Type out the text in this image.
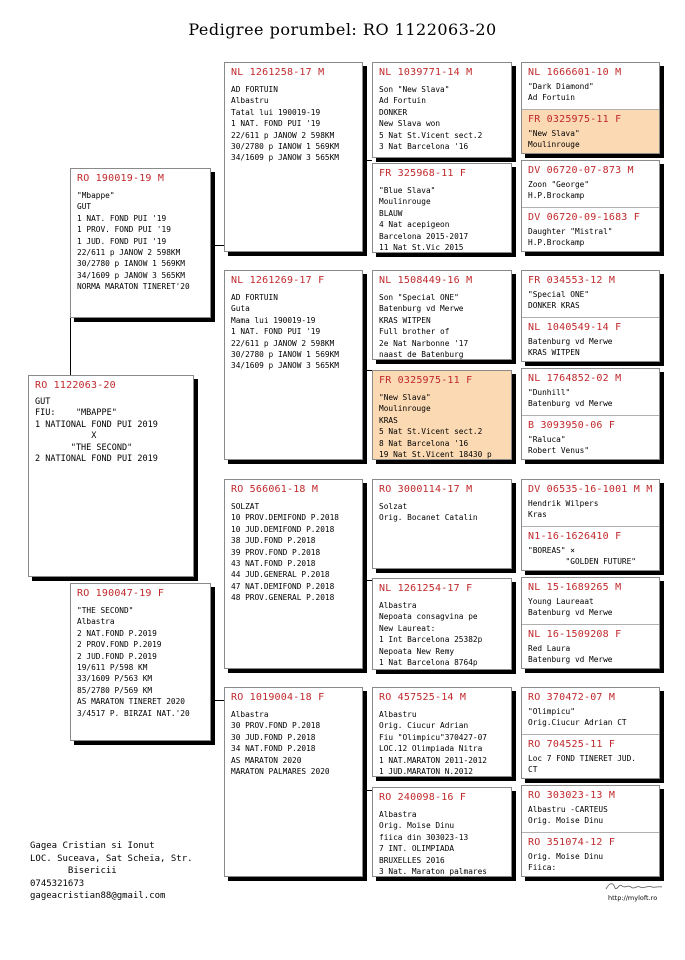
Pedigree porumbel: RO 1122063-20
RO 1122063-20
GUT
FIU:    "MBAPPE"
1 NATIONAL FOND PUI 2019
X
"THE SECOND"
2 NATIONAL FOND PUI 2019
RO 190019-19 M
"Mbappe"
GUT
1 NAT. FOND PUI '19
1 PROV. FOND PUI '19
1 JUD. FOND PUI '19
22/611 p JANOW 2 598KM
30/2780 p IANOW 1 569KM
34/1609 p JANOW 3 565KM
NORMA MARATON TINERET'20
RO 190047-19 F
"THE SECOND"
Albastra
2 NAT.FOND P.2019
2 PROV.FOND P.2019
2 JUD.FOND P.2019
19/611 P/598 KM
33/1609 P/563 KM
85/2780 P/569 KM
AS MARATON TINERET 2020
3/4517 P. BIRZAI NAT.'20
NL 1261258-17 M
AD FORTUIN
Albastru
Tatal lui 190019-19
1 NAT. FOND PUI '19
22/611 p JANOW 2 598KM
30/2780 p IANOW 1 569KM
34/1609 p JANOW 3 565KM
NL 1261269-17 F
AD FORTUIN
Guta
Mama lui 190019-19
1 NAT. FOND PUI '19
22/611 p JANOW 2 598KM
30/2780 p IANOW 1 569KM
34/1609 p JANOW 3 565KM
RO 566061-18 M
SOLZAT
10 PROV.DEMIFOND P.2018
10 JUD.DEMIFOND P.2018
38 JUD.FOND P.2018
39 PROV.FOND P.2018
43 NAT.FOND P.2018
44 JUD.GENERAL P.2018
47 NAT.DEMIFOND P.2018
48 PROV.GENERAL P.2018
RO 1019004-18 F
Albastra
30 PROV.FOND P.2018
30 JUD.FOND P.2018
34 NAT.FOND P.2018
AS MARATON 2020
MARATON PALMARES 2020
NL 1039771-14 M
Son "New Slava"
Ad Fortuin
DONKER
New Slava won
5 Nat St.Vicent sect.2
3 Nat Barcelona '16
FR 325968-11 F
"Blue Slava"
Moulinrouge
BLAUW
4 Nat acepigeon
Barcelona 2015-2017
11 Nat St.Vic 2015
NL 1508449-16 M
Son "Special ONE"
Batenburg vd Merwe
KRAS WITPEN
Full brother of
2e Nat Narbonne '17
naast de Batenburg
FR 0325975-11 F
"New Slava"
Moulinrouge
KRAS
5 Nat St.Vicent sect.2
8 Nat Barcelona '16
19 Nat St.Vicent 18430 p
RO 3000114-17 M
Solzat
Orig. Bocanet Catalin
NL 1261254-17 F
Albastra
Nepoata consagvina pe
New Laureat:
1 Int Barcelona 25382p
Nepoata New Remy
1 Nat Barcelona 8764p
RO 457525-14 M
Albastru
Orig. Ciucur Adrian
Fiu "Olimpicu"370427-07
LOC.12 Olimpiada Nitra
1 NAT.MARATON 2011-2012
1 JUD.MARATON N.2012
RO 240098-16 F
Albastra
Orig. Moise Dinu
fiica din 303023-13
7 INT. OLIMPIADA
BRUXELLES 2016
3 Nat. Maraton palmares
NL 1666601-10 M
"Dark Diamond"
Ad Fortuin
FR 0325975-11 F
"New Slava"
Moulinrouge
DV 06720-07-873 M
Zoon "George"
H.P.Brockamp
DV 06720-09-1683 F
Daughter "Mistral"
H.P.Brockamp
FR 034553-12 M
"Special ONE"
DONKER KRAS
NL 1040549-14 F
Batenburg vd Merwe
KRAS WITPEN
NL 1764852-02 M
"Dunhill"
Batenburg vd Merwe
B 3093950-06 F
"Raluca"
Robert Venus"
DV 06535-16-1001 M M
Hendrik Wilpers
Kras
N1-16-1626410 F
"BOREAS" ×
"GOLDEN FUTURE"
NL 15-1689265 M
Young Laureaat
Batenburg vd Merwe
NL 16-1509208 F
Red Laura
Batenburg vd Merwe
RO 370472-07 M
"Olimpicu"
Orig.Ciucur Adrian CT
RO 704525-11 F
Loc 7 FOND TINERET JUD.
CT
RO 303023-13 M
Albastru -CARTEUS
Orig. Moise Dinu
RO 351074-12 F
Orig. Moise Dinu
Fiica:
Gagea Cristian si Ionut
LOC. Suceava, Sat Scheia, Str.
Bisericii
0745321673
gageacristian88@gmail.com	http://myloft.ro
